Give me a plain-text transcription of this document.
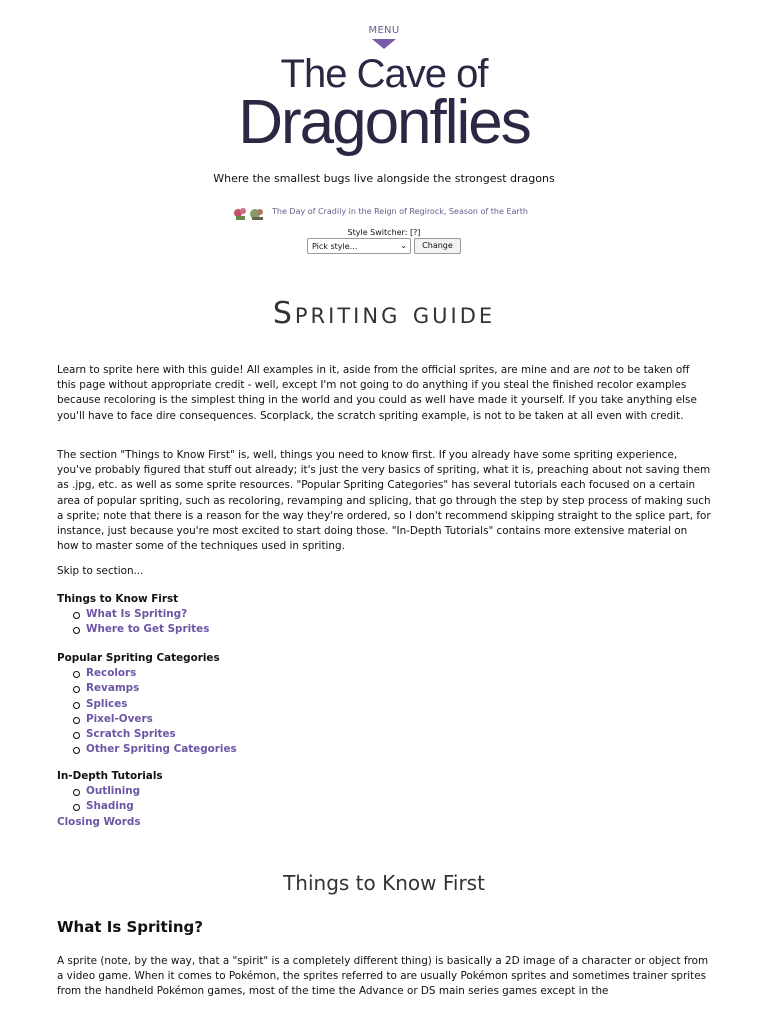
MENU
The Cave of
Dragonflies
Where the smallest bugs live alongside the strongest dragons
The Day of Cradily in the Reign of Regirock, Season of the Earth
Style Switcher: [?]
Pick style...	⌄	Change
Spriting guide
Learn to sprite here with this guide! All examples in it, aside from the official sprites, are mine and are not to be taken off this page without appropriate credit - well, except I'm not going to do anything if you steal the finished recolor examples because recoloring is the simplest thing in the world and you could as well have made it yourself. If you take anything else you'll have to face dire consequences. Scorplack, the scratch spriting example, is not to be taken at all even with credit.
The section "Things to Know First" is, well, things you need to know first. If you already have some spriting experience, you've probably figured that stuff out already; it's just the very basics of spriting, what it is, preaching about not saving them as .jpg, etc. as well as some sprite resources. "Popular Spriting Categories" has several tutorials each focused on a certain area of popular spriting, such as recoloring, revamping and splicing, that go through the step by step process of making such a sprite; note that there is a reason for the way they're ordered, so I don't recommend skipping straight to the splice part, for instance, just because you're most excited to start doing those. "In-Depth Tutorials" contains more extensive material on how to master some of the techniques used in spriting.
Skip to section...
Things to Know First
What Is Spriting?
Where to Get Sprites
Popular Spriting Categories
Recolors
Revamps
Splices
Pixel-Overs
Scratch Sprites
Other Spriting Categories
In-Depth Tutorials
Outlining
Shading
Closing Words
Things to Know First
What Is Spriting?
A sprite (note, by the way, that a "spirit" is a completely different thing) is basically a 2D image of a character or object from a video game. When it comes to Pokémon, the sprites referred to are usually Pokémon sprites and sometimes trainer sprites from the handheld Pokémon games, most of the time the Advance or DS main series games except in the
